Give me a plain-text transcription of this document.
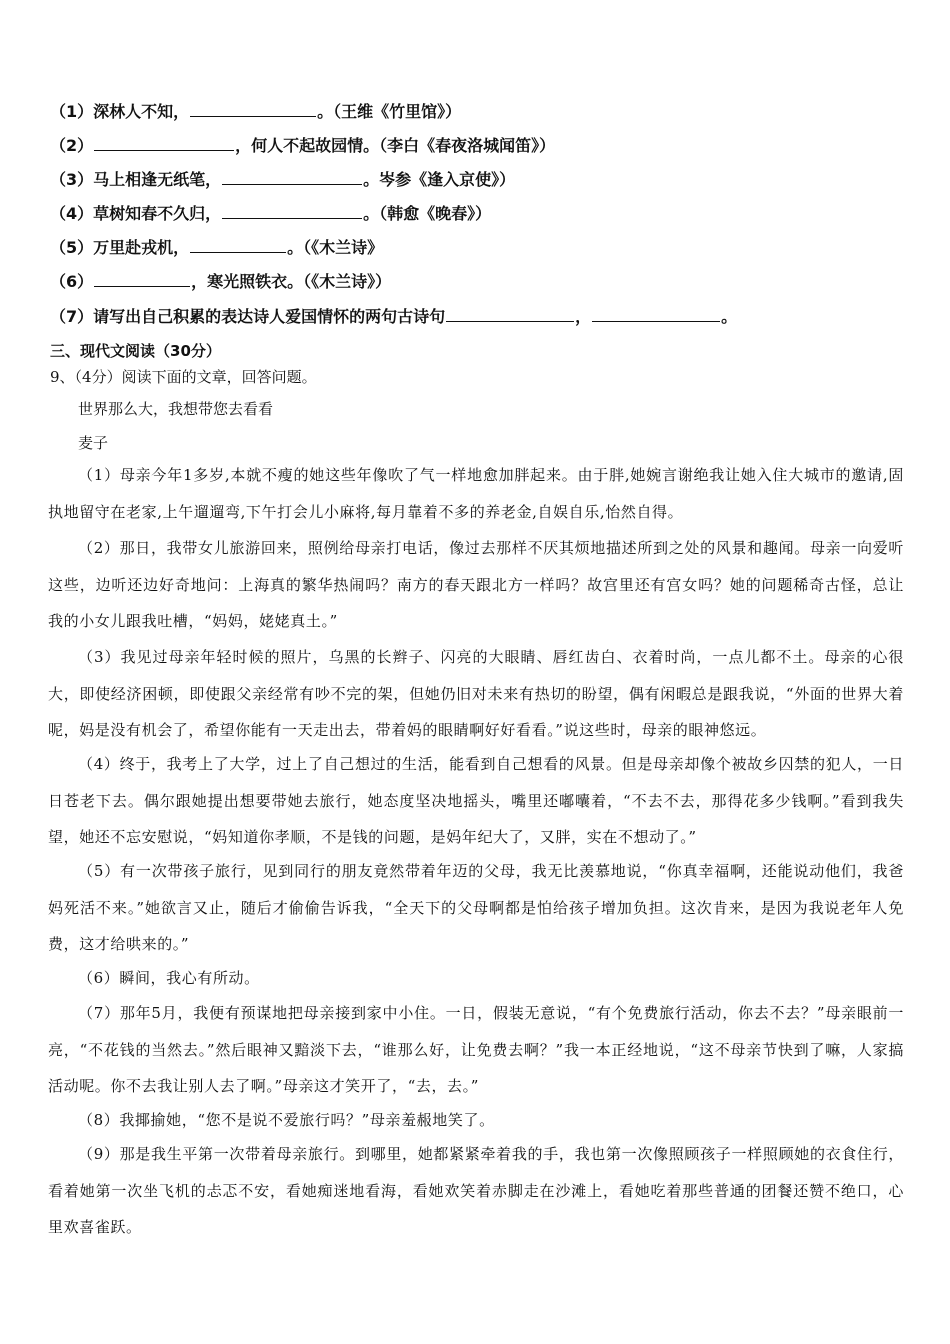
（1）深林人不知，	。（王维《竹里馆》）
（2）	，何人不起故园情。（李白《春夜洛城闻笛》）
（3）马上相逢无纸笔，	。岑参《逢入京使》）
（4）草树知春不久归，	。（韩愈《晚春》）
（5）万里赴戎机，	。（《木兰诗》
（6）	，寒光照铁衣。（《木兰诗》）
（7）请写出自己积累的表达诗人爱国情怀的两句古诗句	，	。
三、现代文阅读（30分）
9、（4分）阅读下面的文章，回答问题。
世界那么大，我想带您去看看
麦子

（1）母亲今年1多岁,本就不瘦的她这些年像吹了气一样地愈加胖起来。由于胖,她婉言谢绝我让她入住大城市的邀请,固执地留守在老家,上午遛遛弯,下午打会儿小麻将,每月靠着不多的养老金,自娱自乐,怡然自得。

（2）那日，我带女儿旅游回来，照例给母亲打电话，像过去那样不厌其烦地描述所到之处的风景和趣闻。母亲一向爱听这些，边听还边好奇地问：上海真的繁华热闹吗？南方的春天跟北方一样吗？故宫里还有宫女吗？她的问题稀奇古怪，总让我的小女儿跟我吐槽，“妈妈，姥姥真土。”

（3）我见过母亲年轻时候的照片，乌黑的长辫子、闪亮的大眼睛、唇红齿白、衣着时尚，一点儿都不土。母亲的心很大，即使经济困顿，即使跟父亲经常有吵不完的架，但她仍旧对未来有热切的盼望，偶有闲暇总是跟我说，“外面的世界大着呢，妈是没有机会了，希望你能有一天走出去，带着妈的眼睛啊好好看看。”说这些时，母亲的眼神悠远。

（4）终于，我考上了大学，过上了自己想过的生活，能看到自己想看的风景。但是母亲却像个被故乡囚禁的犯人，一日日苍老下去。偶尔跟她提出想要带她去旅行，她态度坚决地摇头，嘴里还嘟囔着，“不去不去，那得花多少钱啊。”看到我失望，她还不忘安慰说，“妈知道你孝顺，不是钱的问题，是妈年纪大了，又胖，实在不想动了。”

（5）有一次带孩子旅行，见到同行的朋友竟然带着年迈的父母，我无比羡慕地说，“你真幸福啊，还能说动他们，我爸妈死活不来。”她欲言又止，随后才偷偷告诉我，“全天下的父母啊都是怕给孩子增加负担。这次肯来，是因为我说老年人免费，这才给哄来的。”

（6）瞬间，我心有所动。

（7）那年5月，我便有预谋地把母亲接到家中小住。一日，假装无意说，“有个免费旅行活动，你去不去？”母亲眼前一亮，“不花钱的当然去。”然后眼神又黯淡下去，“谁那么好，让免费去啊？”我一本正经地说，“这不母亲节快到了嘛，人家搞活动呢。你不去我让别人去了啊。”母亲这才笑开了，“去，去。”

（8）我揶揄她，“您不是说不爱旅行吗？”母亲羞赧地笑了。

（9）那是我生平第一次带着母亲旅行。到哪里，她都紧紧牵着我的手，我也第一次像照顾孩子一样照顾她的衣食住行，看着她第一次坐飞机的忐忑不安，看她痴迷地看海，看她欢笑着赤脚走在沙滩上，看她吃着那些普通的团餐还赞不绝口，心里欢喜雀跃。
